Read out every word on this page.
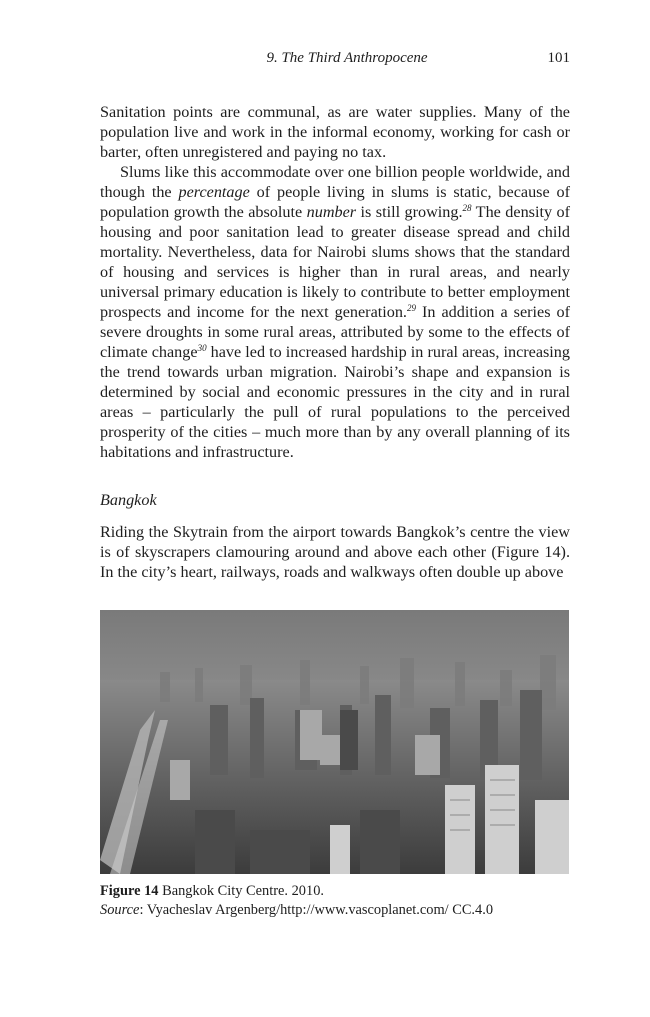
9. The Third Anthropocene	101

Sanitation points are communal, as are water supplies. Many of the population live and work in the informal economy, working for cash or barter, often unregistered and paying no tax.

Slums like this accommodate over one billion people worldwide, and though the percentage of people living in slums is static, because of population growth the absolute number is still growing.$^{28}$ The density of housing and poor sanitation lead to greater disease spread and child mortality. Nevertheless, data for Nairobi slums shows that the standard of housing and services is higher than in rural areas, and nearly universal primary education is likely to contribute to better employment prospects and income for the next generation.$^{29}$ In addition a series of severe droughts in some rural areas, attributed by some to the effects of climate change$^{30}$ have led to increased hardship in rural areas, increasing the trend towards urban migration. Nairobi’s shape and expansion is determined by social and economic pressures in the city and in rural areas – particularly the pull of rural populations to the perceived prosperity of the cities – much more than by any overall planning of its habitations and infrastructure.

Bangkok

Riding the Skytrain from the airport towards Bangkok’s centre the view is of skyscrapers clamouring around and above each other (Figure 14). In the city’s heart, railways, roads and walkways often double up above

Figure 14 Bangkok City Centre. 2010.
Source: Vyacheslav Argenberg/http://www.vascoplanet.com/ CC.4.0
